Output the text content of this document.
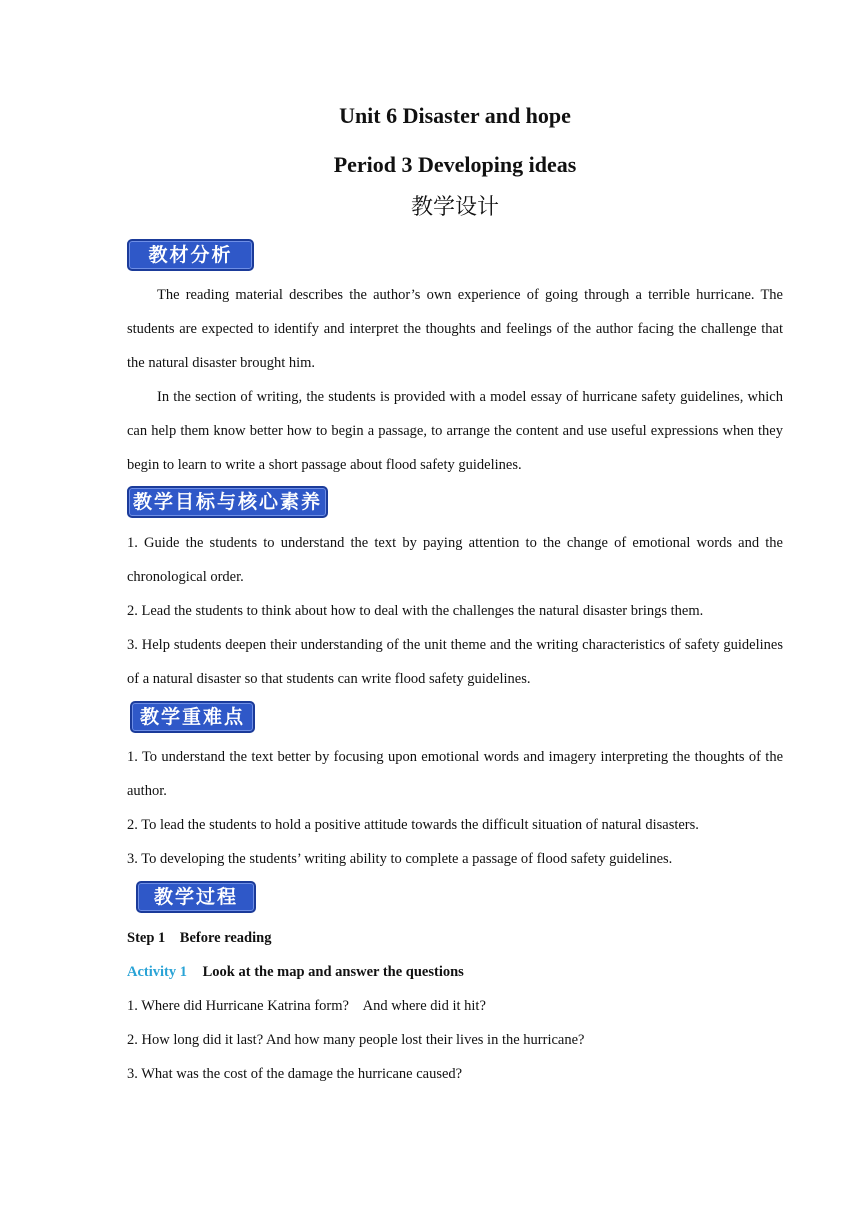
Unit 6 Disaster and hope
Period 3 Developing ideas
教学设计
教材分析

The reading material describes the author’s own experience of going through a terrible hurricane. The students are expected to identify and interpret the thoughts and feelings of the author facing the challenge that the natural disaster brought him.

In the section of writing, the students is provided with a model essay of hurricane safety guidelines, which can help them know better how to begin a passage, to arrange the content and use useful expressions when they begin to learn to write a short passage about flood safety guidelines.

教学目标与核心素养

1. Guide the students to understand the text by paying attention to the change of emotional words and the chronological order.

2. Lead the students to think about how to deal with the challenges the natural disaster brings them.

3. Help students deepen their understanding of the unit theme and the writing characteristics of safety guidelines of a natural disaster so that students can write flood safety guidelines.

教学重难点

1. To understand the text better by focusing upon emotional words and imagery interpreting the thoughts of the author.

2. To lead the students to hold a positive attitude towards the difficult situation of natural disasters.

3. To developing the students’ writing ability to complete a passage of flood safety guidelines.

教学过程
Step 1    Before reading
Activity 1 Look at the map and answer the questions
1. Where did Hurricane Katrina form?    And where did it hit?
2. How long did it last? And how many people lost their lives in the hurricane?
3. What was the cost of the damage the hurricane caused?
